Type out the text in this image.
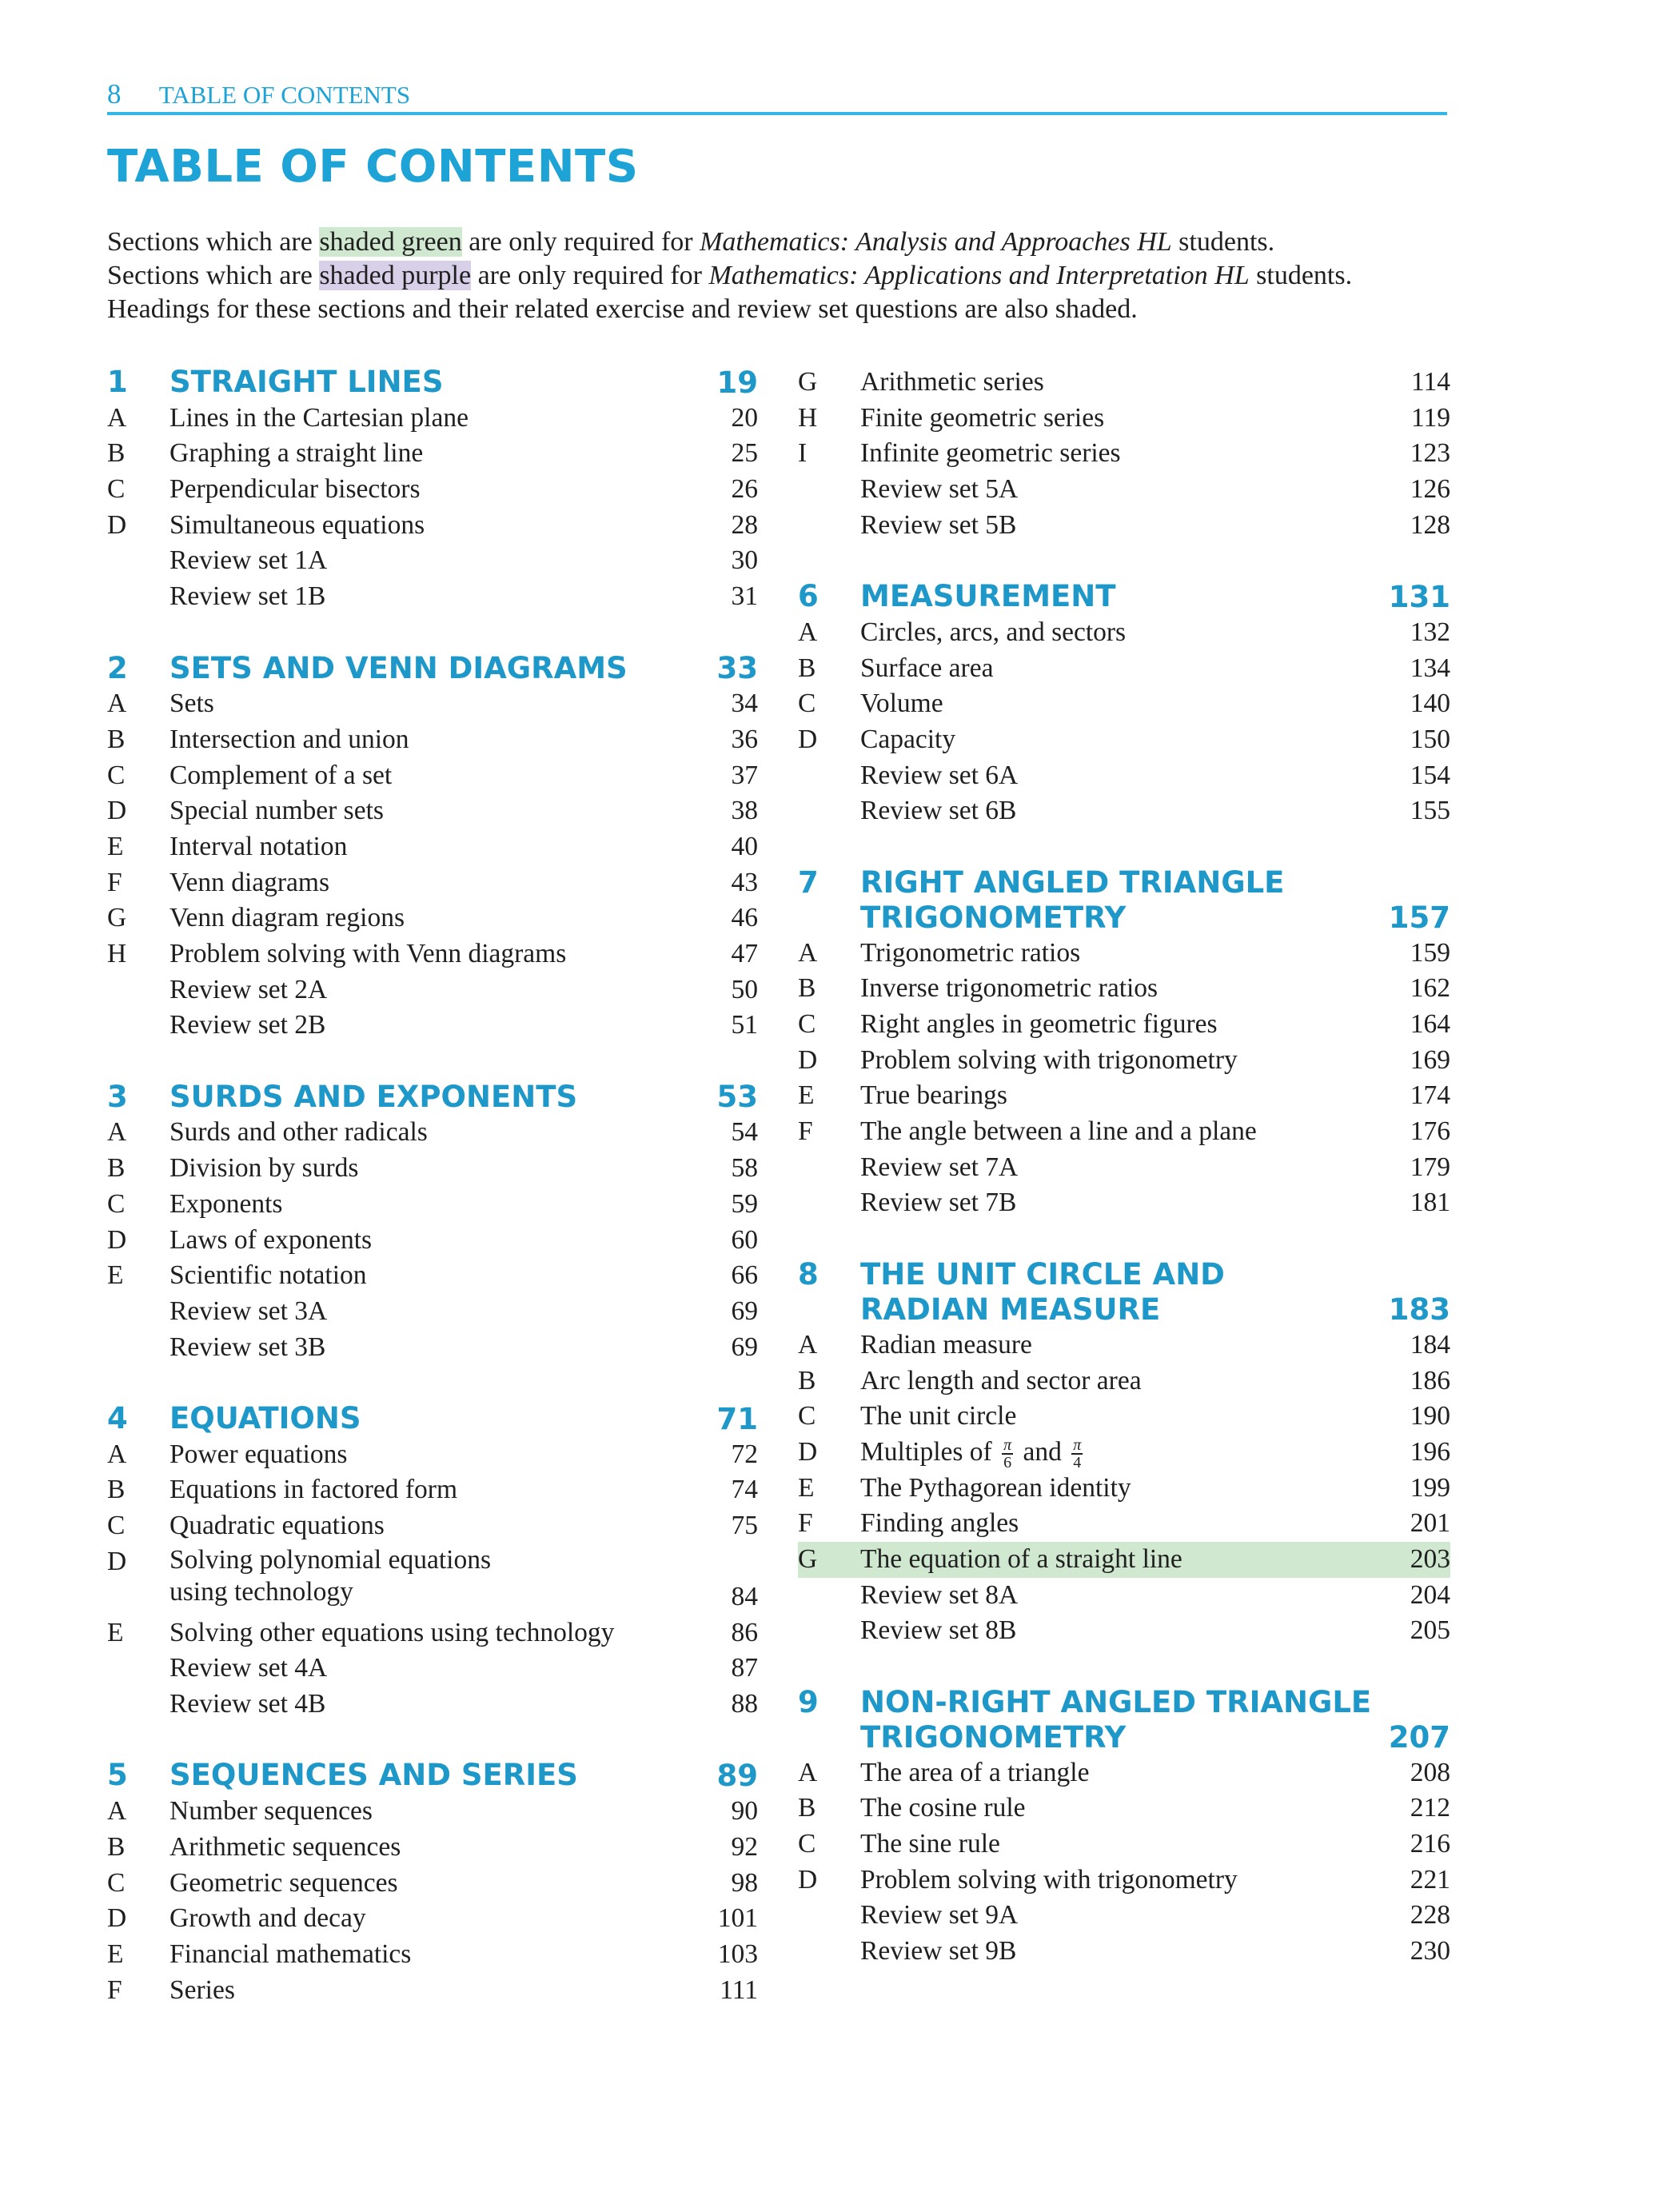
8 TABLE OF CONTENTS
TABLE OF CONTENTS
Sections which are shaded green are only required for Mathematics: Analysis and Approaches HL students.
Sections which are shaded purple are only required for Mathematics: Applications and Interpretation HL students.
Headings for these sections and their related exercise and review set questions are also shaded.
1 STRAIGHT LINES	19
A	Lines in the Cartesian plane	20
B	Graphing a straight line	25
C	Perpendicular bisectors	26
D	Simultaneous equations	28
Review set 1A	30
Review set 1B	31
2 SETS AND VENN DIAGRAMS	33
A	Sets	34
B	Intersection and union	36
C	Complement of a set	37
D	Special number sets	38
E	Interval notation	40
F	Venn diagrams	43
G	Venn diagram regions	46
H	Problem solving with Venn diagrams	47
Review set 2A	50
Review set 2B	51
3 SURDS AND EXPONENTS	53
A	Surds and other radicals	54
B	Division by surds	58
C	Exponents	59
D	Laws of exponents	60
E	Scientific notation	66
Review set 3A	69
Review set 3B	69
4 EQUATIONS	71
A	Power equations	72
B	Equations in factored form	74
C	Quadratic equations	75
D	Solving polynomial equations
using technology	84
E	Solving other equations using technology	86
Review set 4A	87
Review set 4B	88
5 SEQUENCES AND SERIES	89
A	Number sequences	90
B	Arithmetic sequences	92
C	Geometric sequences	98
D	Growth and decay	101
E	Financial mathematics	103
F	Series	111
G	Arithmetic series	114
H	Finite geometric series	119
I	Infinite geometric series	123
Review set 5A	126
Review set 5B	128
6 MEASUREMENT	131
A	Circles, arcs, and sectors	132
B	Surface area	134
C	Volume	140
D	Capacity	150
Review set 6A	154
Review set 6B	155
7 RIGHT ANGLED TRIANGLE
TRIGONOMETRY	157
A	Trigonometric ratios	159
B	Inverse trigonometric ratios	162
C	Right angles in geometric figures	164
D	Problem solving with trigonometry	169
E	True bearings	174
F	The angle between a line and a plane	176
Review set 7A	179
Review set 7B	181
8 THE UNIT CIRCLE AND
RADIAN MEASURE	183
A	Radian measure	184
B	Arc length and sector area	186
C	The unit circle	190
D	Multiples of $\frac{\pi}{6}$ and $\frac{\pi}{4}$	196
E	The Pythagorean identity	199
F	Finding angles	201
G	The equation of a straight line	203
Review set 8A	204
Review set 8B	205
9 NON-RIGHT ANGLED TRIANGLE
TRIGONOMETRY	207
A	The area of a triangle	208
B	The cosine rule	212
C	The sine rule	216
D	Problem solving with trigonometry	221
Review set 9A	228
Review set 9B	230
